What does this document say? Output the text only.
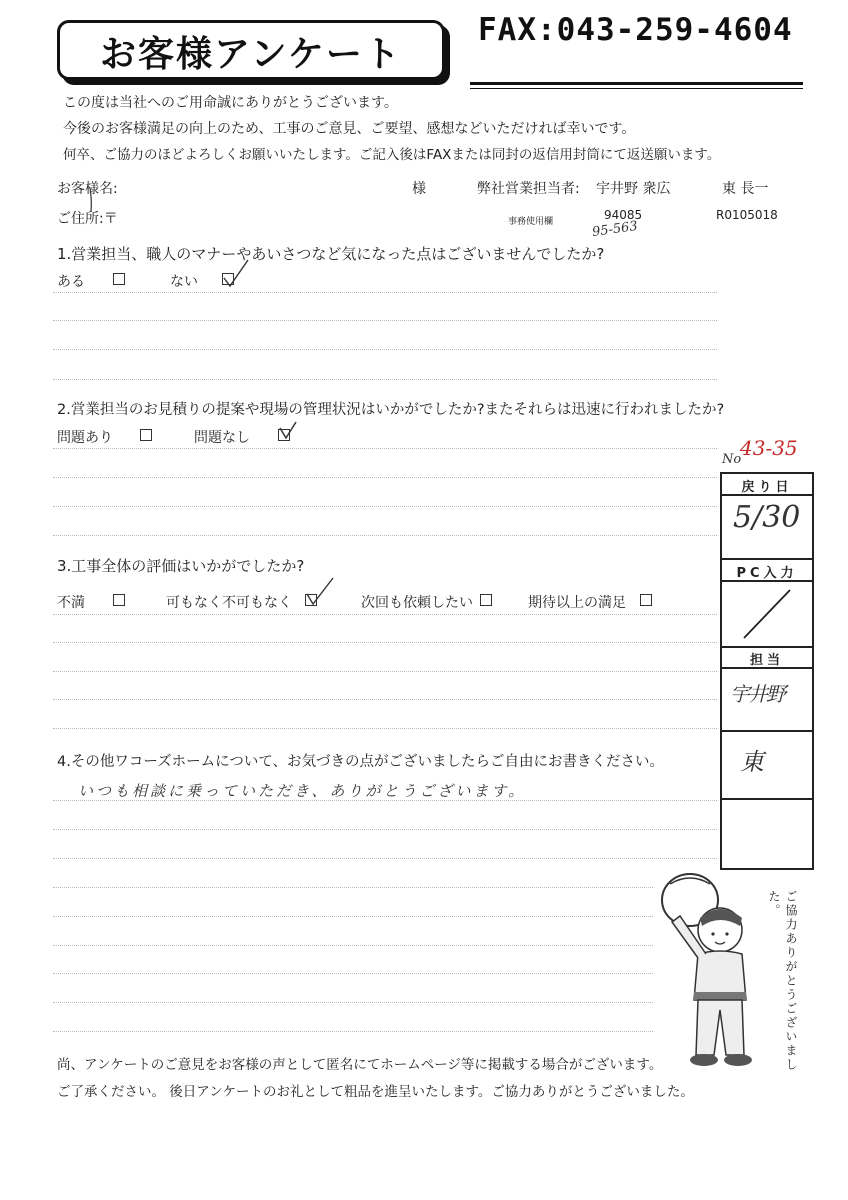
お客様アンケート
FAX:043-259-4604
この度は当社へのご用命誠にありがとうございます。
今後のお客様満足の向上のため、工事のご意見、ご要望、感想などいただければ幸いです。
何卒、ご協力のほどよろしくお願いいたします。ご記入後はFAXまたは同封の返信用封筒にて返送願います。
お客様名:	様	弊社営業担当者: 宇井野 衆広	東 長一
ご住所:〒	事務使用欄	94085	R0105018
95-563
1.営業担当、職人のマナーやあいさつなど気になった点はございませんでしたか?
ある	ない
2.営業担当のお見積りの提案や現場の管理状況はいかがでしたか?またそれらは迅速に行われましたか?
問題あり	問題なし
3.工事全体の評価はいかがでしたか?
不満	可もなく不可もなく	次回も依頼したい	期待以上の満足
4.その他ワコーズホームについて、お気づきの点がございましたらご自由にお書きください。
いつも相談に乗っていただき、ありがとうございます。
No
43-35
戻り日
5/30
PC入力
担当
宇井野
東
ご協力ありがとうございました。
尚、アンケートのご意見をお客様の声として匿名にてホームページ等に掲載する場合がございます。
ご了承ください。 後日アンケートのお礼として粗品を進呈いたします。ご協力ありがとうございました。
